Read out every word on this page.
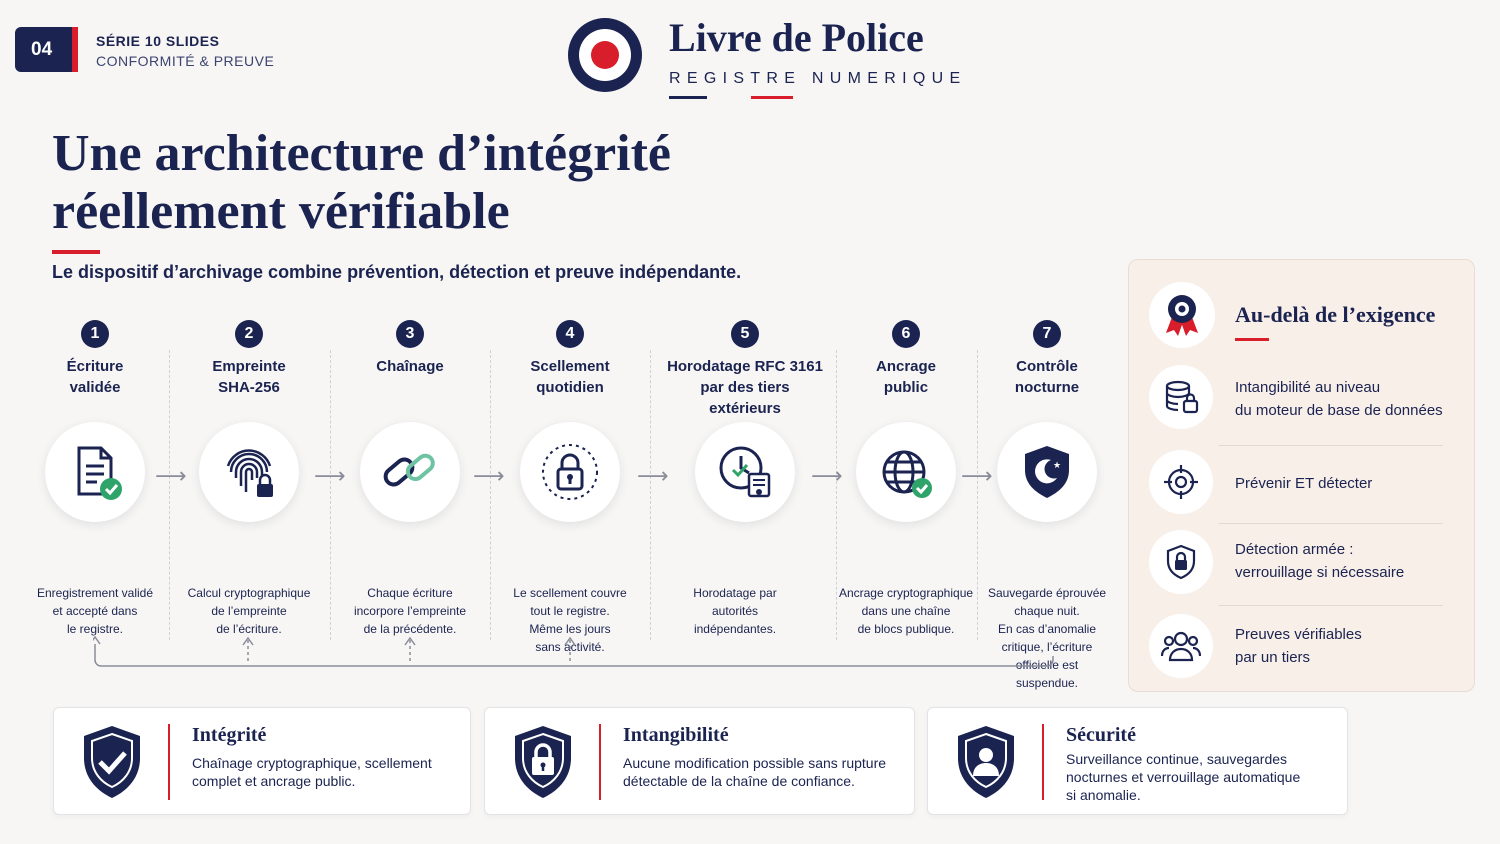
04	SÉRIE 10 SLIDES
CONFORMITÉ & PREUVE
Livre de Police
REGISTRE NUMERIQUE
Une architecture d’intégrité
réellement vérifiable
Le dispositif d’archivage combine prévention, détection et preuve indépendante.
⟶	⟶	⟶	⟶	⟶	⟶
1
Écriture
validée
Enregistrement validé
et accepté dans
le registre.
2
Empreinte
SHA-256
Calcul cryptographique
de l’empreinte
de l’écriture.
3
Chaînage
Chaque écriture
incorpore l’empreinte
de la précédente.
4
Scellement
quotidien
Le scellement couvre
tout le registre.
Même les jours
sans activité.
5
Horodatage RFC 3161
par des tiers
extérieurs
Horodatage par
autorités
indépendantes.
6
Ancrage
public
Ancrage cryptographique
dans une chaîne
de blocs publique.
7
Contrôle
nocturne
★
Sauvegarde éprouvée
chaque nuit.
En cas d’anomalie
critique, l’écriture
officielle est
suspendue.
Au-delà de l’exigence
Intangibilité au niveau
du moteur de base de données
Prévenir ET détecter
Détection armée :
verrouillage si nécessaire
Preuves vérifiables
par un tiers
Intégrité
Chaînage cryptographique, scellement
complet et ancrage public.
Intangibilité
Aucune modification possible sans rupture
détectable de la chaîne de confiance.
Sécurité
Surveillance continue, sauvegardes
nocturnes et verrouillage automatique
si anomalie.
